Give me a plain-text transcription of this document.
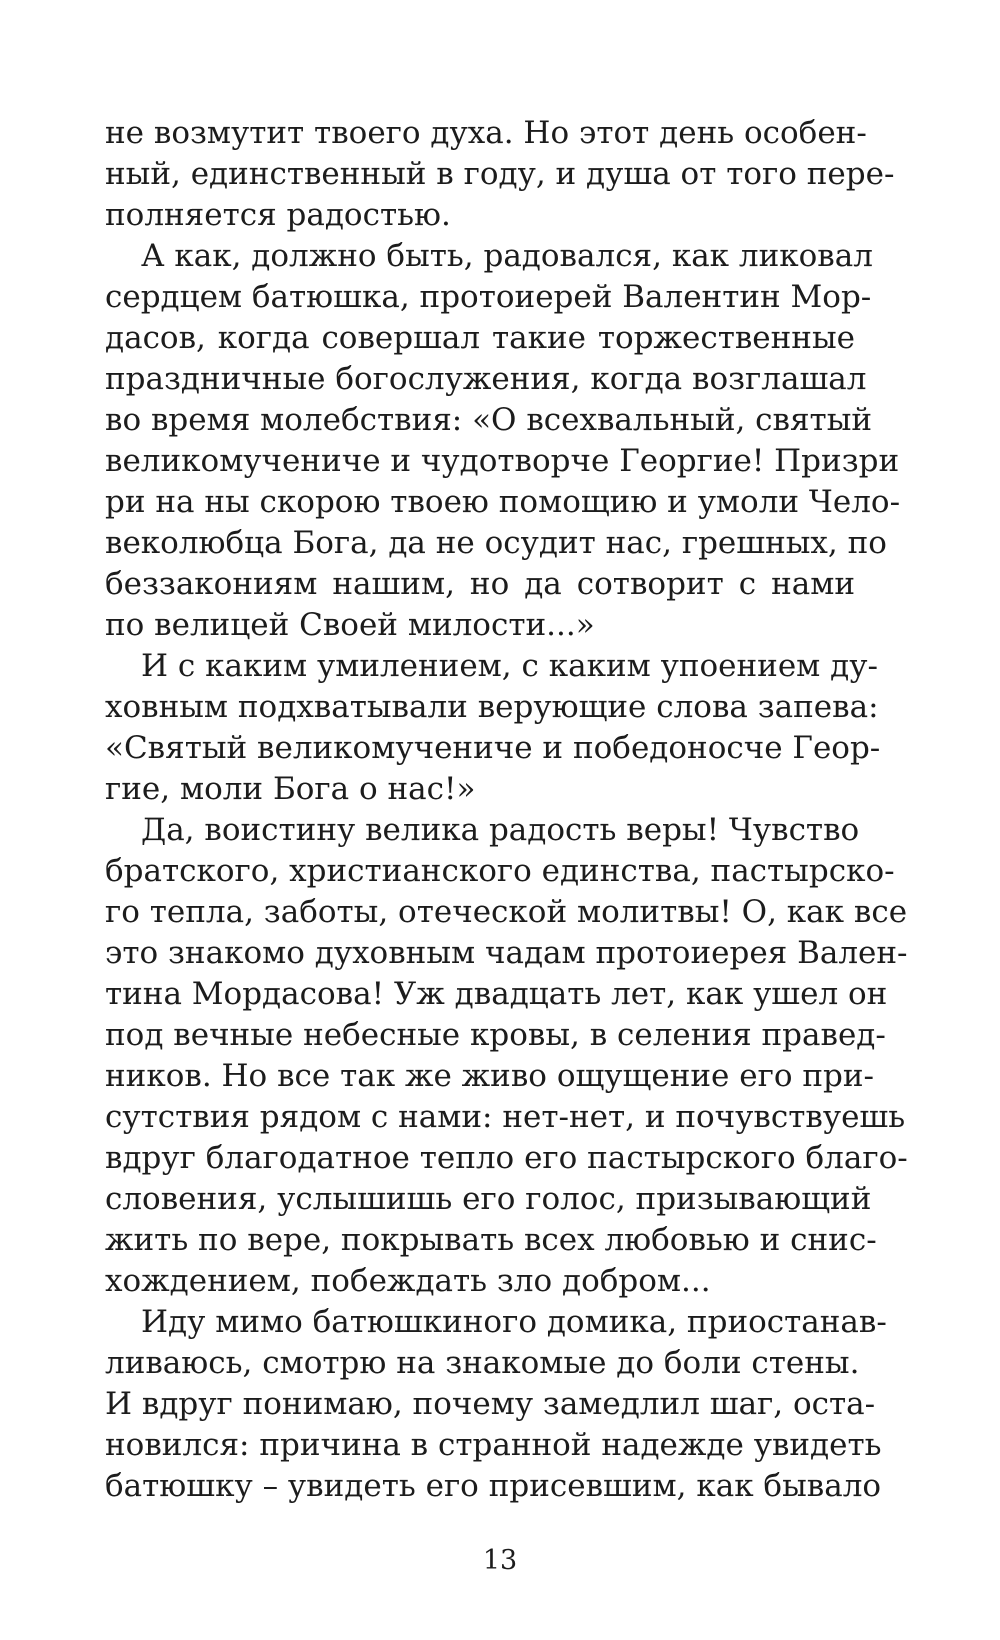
не возмутит твоего духа. Но этот день особен-
ный, единственный в году, и душа от того пере-
полняется радостью.
А как, должно быть, радовался, как ликовал
сердцем батюшка, протоиерей Валентин Мор-
дасов, когда совершал такие торжественные
праздничные богослужения, когда возглашал
во время молебствия: «О всехвальный, святый
великомучениче и чудотворче Георгие! Призри
ри на ны скорою твоею помощию и умоли Чело-
веколюбца Бога, да не осудит нас, грешных, по
беззакониям нашим, но да сотворит с нами
по велицей Своей милости...»
И с каким умилением, с каким упоением ду-
ховным подхватывали верующие слова запева:
«Святый великомучениче и победоносче Геор-
гие, моли Бога о нас!»
Да, воистину велика радость веры! Чувство
братского, христианского единства, пастырско-
го тепла, заботы, отеческой молитвы! О, как все
это знакомо духовным чадам протоиерея Вален-
тина Мордасова! Уж двадцать лет, как ушел он
под вечные небесные кровы, в селения правед-
ников. Но все так же живо ощущение его при-
сутствия рядом с нами: нет-нет, и почувствуешь
вдруг благодатное тепло его пастырского благо-
словения, услышишь его голос, призывающий
жить по вере, покрывать всех любовью и снис-
хождением, побеждать зло добром...
Иду мимо батюшкиного домика, приостанав-
ливаюсь, смотрю на знакомые до боли стены.
И вдруг понимаю, почему замедлил шаг, оста-
новился: причина в странной надежде увидеть
батюшку – увидеть его присевшим, как бывало
13
